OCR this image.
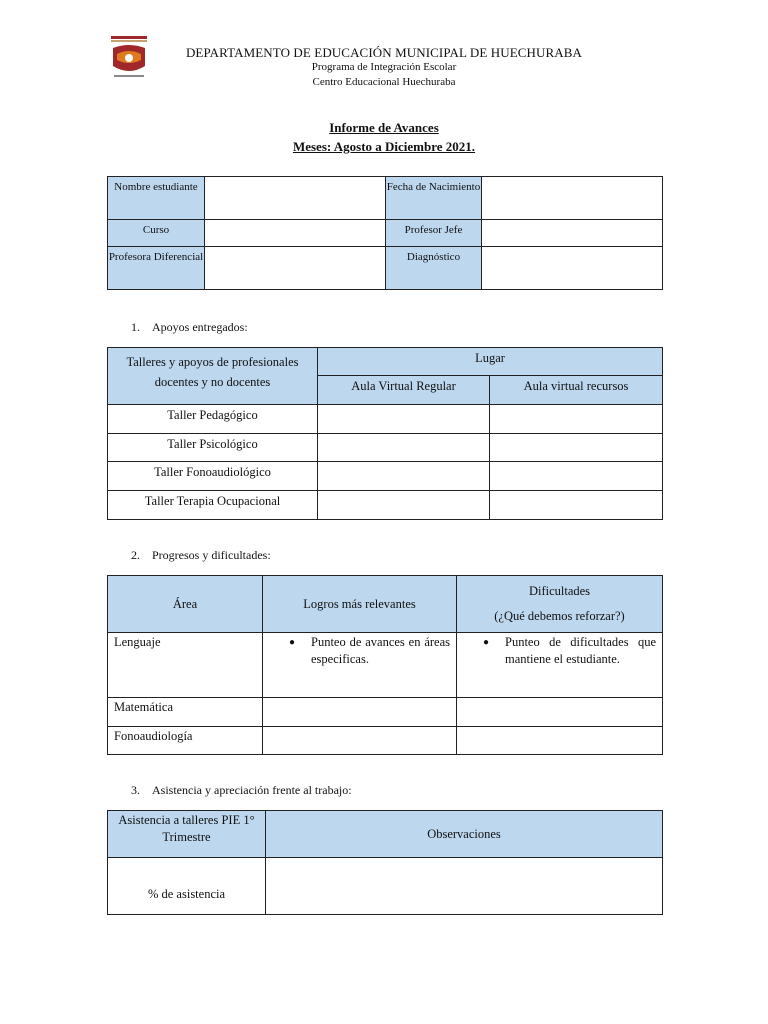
DEPARTAMENTO DE EDUCACIÓN MUNICIPAL DE HUECHURABA
Programa de Integración Escolar
Centro Educacional Huechuraba
Informe de Avances
Meses: Agosto a Diciembre 2021.
Nombre estudiante		Fecha de Nacimiento	
Curso		Profesor Jefe	
Profesora Diferencial		Diagnóstico	
1. Apoyos entregados:
Talleres y apoyos de profesionales docentes y no docentes	Lugar	
	Aula Virtual Regular	Aula virtual recursos
Taller Pedagógico		
Taller Psicológico		
Taller Fonoaudiológico		
Taller Terapia Ocupacional		
2. Progresos y dificultades:
Área	Logros más relevantes	Dificultades
(¿Qué debemos reforzar?)

Lenguaje	● Punteo de avances en áreas especificas.	● Punteo de dificultades que mantiene el estudiante.

Matemática		
Fonoaudiología		
3. Asistencia y apreciación frente al trabajo:
Asistencia a talleres PIE 1° Trimestre	Observaciones
% de asistencia	
